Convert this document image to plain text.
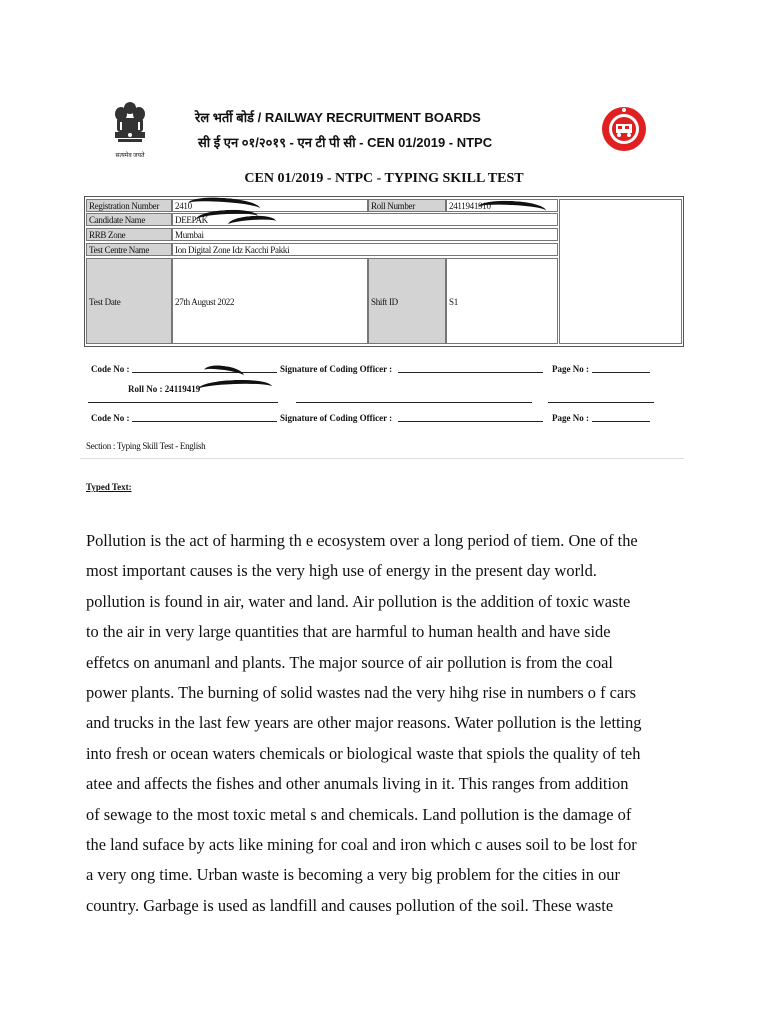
सत्यमेव जयते
रेल भर्ती बोर्ड / RAILWAY RECRUITMENT BOARDS
सी ई एन ०१/२०१९ - एन टी पी सी - CEN 01/2019 - NTPC
CEN 01/2019 - NTPC - TYPING SKILL TEST
Registration Number	2410	Roll Number	2411941910
Candidate Name	DEEPAK
RRB Zone	Mumbai
Test Centre Name	Ion Digital Zone Idz Kacchi Pakki
Test Date	27th August 2022	Shift ID	S1
Code No :	Signature of Coding Officer :	Page No :
Roll No : 24119419
Code No :	Signature of Coding Officer :	Page No :
Section : Typing Skill Test - English
Typed Text:
Pollution is the act of harming th e ecosystem over a long period of tiem. One of the
most important causes is the very high use of energy in the present day world.
pollution is found in air, water and land. Air pollution is the addition of toxic waste
to the air in very large quantities that are harmful to human health and have side
effetcs on anumanl and plants. The major source of air pollution is from the coal
power plants. The burning of solid wastes nad the very hihg rise in numbers o f cars
and trucks in the last few years are other major reasons. Water pollution is the letting
into fresh or ocean waters chemicals or biological waste that spiols the quality of teh
atee and affects the fishes and other anumals living in it. This ranges from addition
of sewage to the most toxic metal s and chemicals. Land pollution is the damage of
the land suface by acts like mining for coal and iron which c auses soil to be lost for
a very ong time. Urban waste is becoming a very big problem for the cities in our
country. Garbage is used as landfill and causes pollution of the soil. These waste
